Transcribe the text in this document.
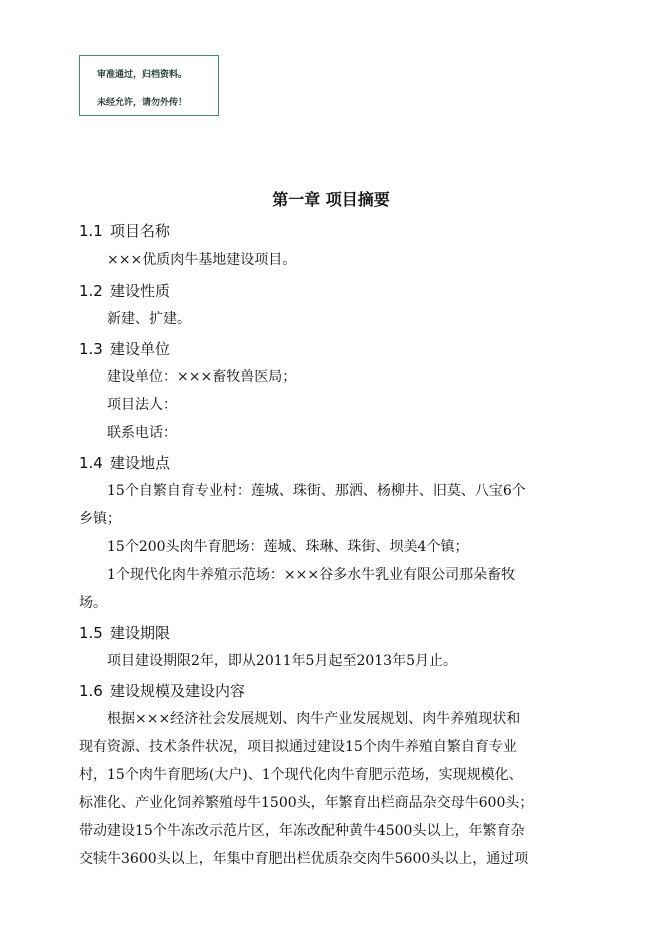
审准通过，归档资料。
未经允许，请勿外传！
第一章 项目摘要
1.1 项目名称
×××优质肉牛基地建设项目。
1.2 建设性质
新建、扩建。
1.3 建设单位
建设单位：×××畜牧兽医局；
项目法人：
联系电话：
1.4 建设地点
15个自繁自育专业村：莲城、珠街、那洒、杨柳井、旧莫、八宝6个
乡镇；
15个200头肉牛育肥场：莲城、珠琳、珠街、坝美4个镇；
1个现代化肉牛养殖示范场：×××谷多水牛乳业有限公司那朵畜牧
场。
1.5 建设期限
项目建设期限2年，即从2011年5月起至2013年5月止。
1.6 建设规模及建设内容
根据×××经济社会发展规划、肉牛产业发展规划、肉牛养殖现状和
现有资源、技术条件状况，项目拟通过建设15个肉牛养殖自繁自育专业
村，15个肉牛育肥场(大户)、1个现代化肉牛育肥示范场，实现规模化、
标准化、产业化饲养繁殖母牛1500头，年繁育出栏商品杂交母牛600头；
带动建设15个牛冻改示范片区，年冻改配种黄牛4500头以上，年繁育杂
交犊牛3600头以上，年集中育肥出栏优质杂交肉牛5600头以上，通过项
